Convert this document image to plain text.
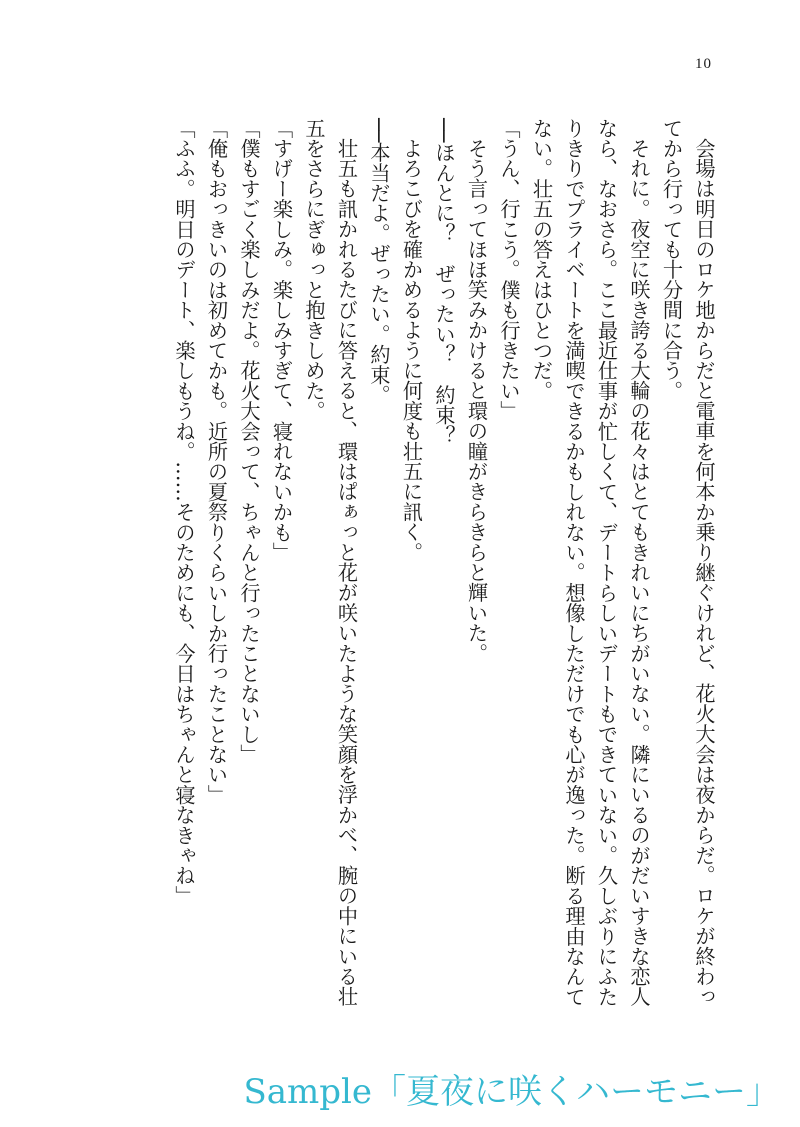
10

会場は明日のロケ地からだと電車を何本か乗り継ぐけれど、花火大会は夜からだ。ロケが終わってから行っても十分間に合う。

それに。夜空に咲き誇る大輪の花々はとてもきれいにちがいない。隣にいるのがだいすきな恋人なら、なおさら。ここ最近仕事が忙しくて、デートらしいデートもできていない。久しぶりにふたりきりでプライベートを満喫できるかもしれない。想像しただけでも心が逸った。断る理由なんてない。壮五の答えはひとつだ。

「うん、行こう。僕も行きたい」

そう言ってほほ笑みかけると環の瞳がきらきらと輝いた。

──ほんとに？　ぜったい？　約束？

よろこびを確かめるように何度も壮五に訊く。

──本当だよ。ぜったい。約束。

壮五も訊かれるたびに答えると、環はぱぁっと花が咲いたような笑顔を浮かべ、腕の中にいる壮五をさらにぎゅっと抱きしめた。

「すげー楽しみ。楽しみすぎて、寝れないかも」

「僕もすごく楽しみだよ。花火大会って、ちゃんと行ったことないし」

「俺もおっきいのは初めてかも。近所の夏祭りくらいしか行ったことない」

「ふふ。明日のデート、楽しもうね。……そのためにも、今日はちゃんと寝なきゃね」

Sample「夏夜に咲くハーモニー」
